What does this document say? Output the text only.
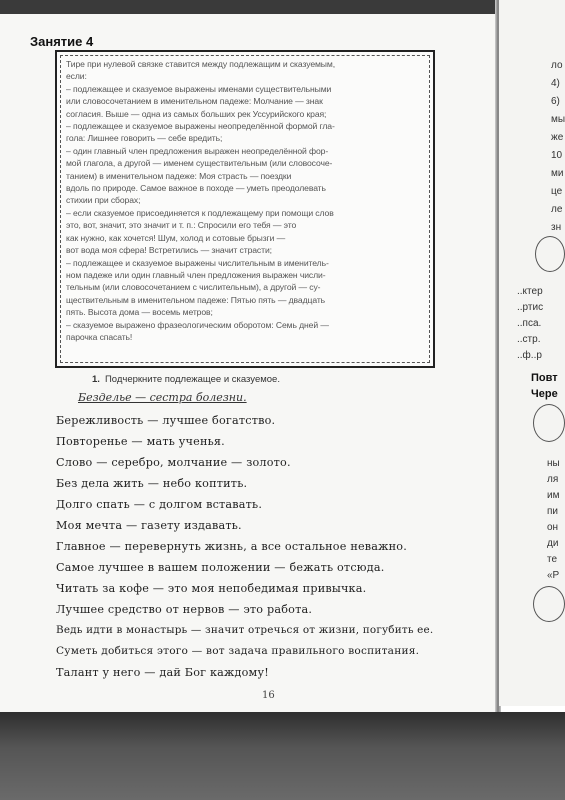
ло
4)
6)
мы
же
10
ми
це
ле
зн
..ктер
..ртис
..пса.
..стр.
..ф..р
Повт
Чере
ны
ля
им
пи
он
ди
те
«Р
Занятие 4
Тире при нулевой связке ставится между подлежащим и сказуемым,
если:
– подлежащее и сказуемое выражены именами существительными
или словосочетанием в именительном падеже: Молчание — знак
согласия. Выше — одна из самых больших рек Уссурийского края;
– подлежащее и сказуемое выражены неопределённой формой гла-
гола: Лишнее говорить — себе вредить;
– один главный член предложения выражен неопределённой фор-
мой глагола, а другой — именем существительным (или словосоче-
танием) в именительном падеже: Моя страсть — поездки
вдоль по природе. Самое важное в походе — уметь преодолевать
стихии при сборах;
– если сказуемое присоединяется к подлежащему при помощи слов
это, вот, значит, это значит и т. п.: Спросили его тебя — это
как нужно, как хочется! Шум, холод и сотовые брызги —
вот вода моя сфера! Встретились — значит страсти;
– подлежащее и сказуемое выражены числительным в именитель-
ном падеже или один главный член предложения выражен числи-
тельным (или словосочетанием с числительным), а другой — су-
ществительным в именительном падеже: Пятью пять — двадцать
пять. Высота дома — восемь метров;
– сказуемое выражено фразеологическим оборотом: Семь дней —
парочка спасать!
1. Подчеркните подлежащее и сказуемое.
Безделье — сестра болезни.
Бережливость — лучшее богатство.
Повторенье — мать ученья.
Слово — серебро, молчание — золото.
Без дела жить — небо коптить.
Долго спать — с долгом вставать.
Моя мечта — газету издавать.
Главное — перевернуть жизнь, а все остальное неважно.
Самое лучшее в вашем положении — бежать отсюда.
Читать за кофе — это моя непобедимая привычка.
Лучшее средство от нервов — это работа.
Ведь идти в монастырь — значит отречься от жизни, погубить ее.
Суметь добиться этого — вот задача правильного воспитания.
Талант у него — дай Бог каждому!
16
